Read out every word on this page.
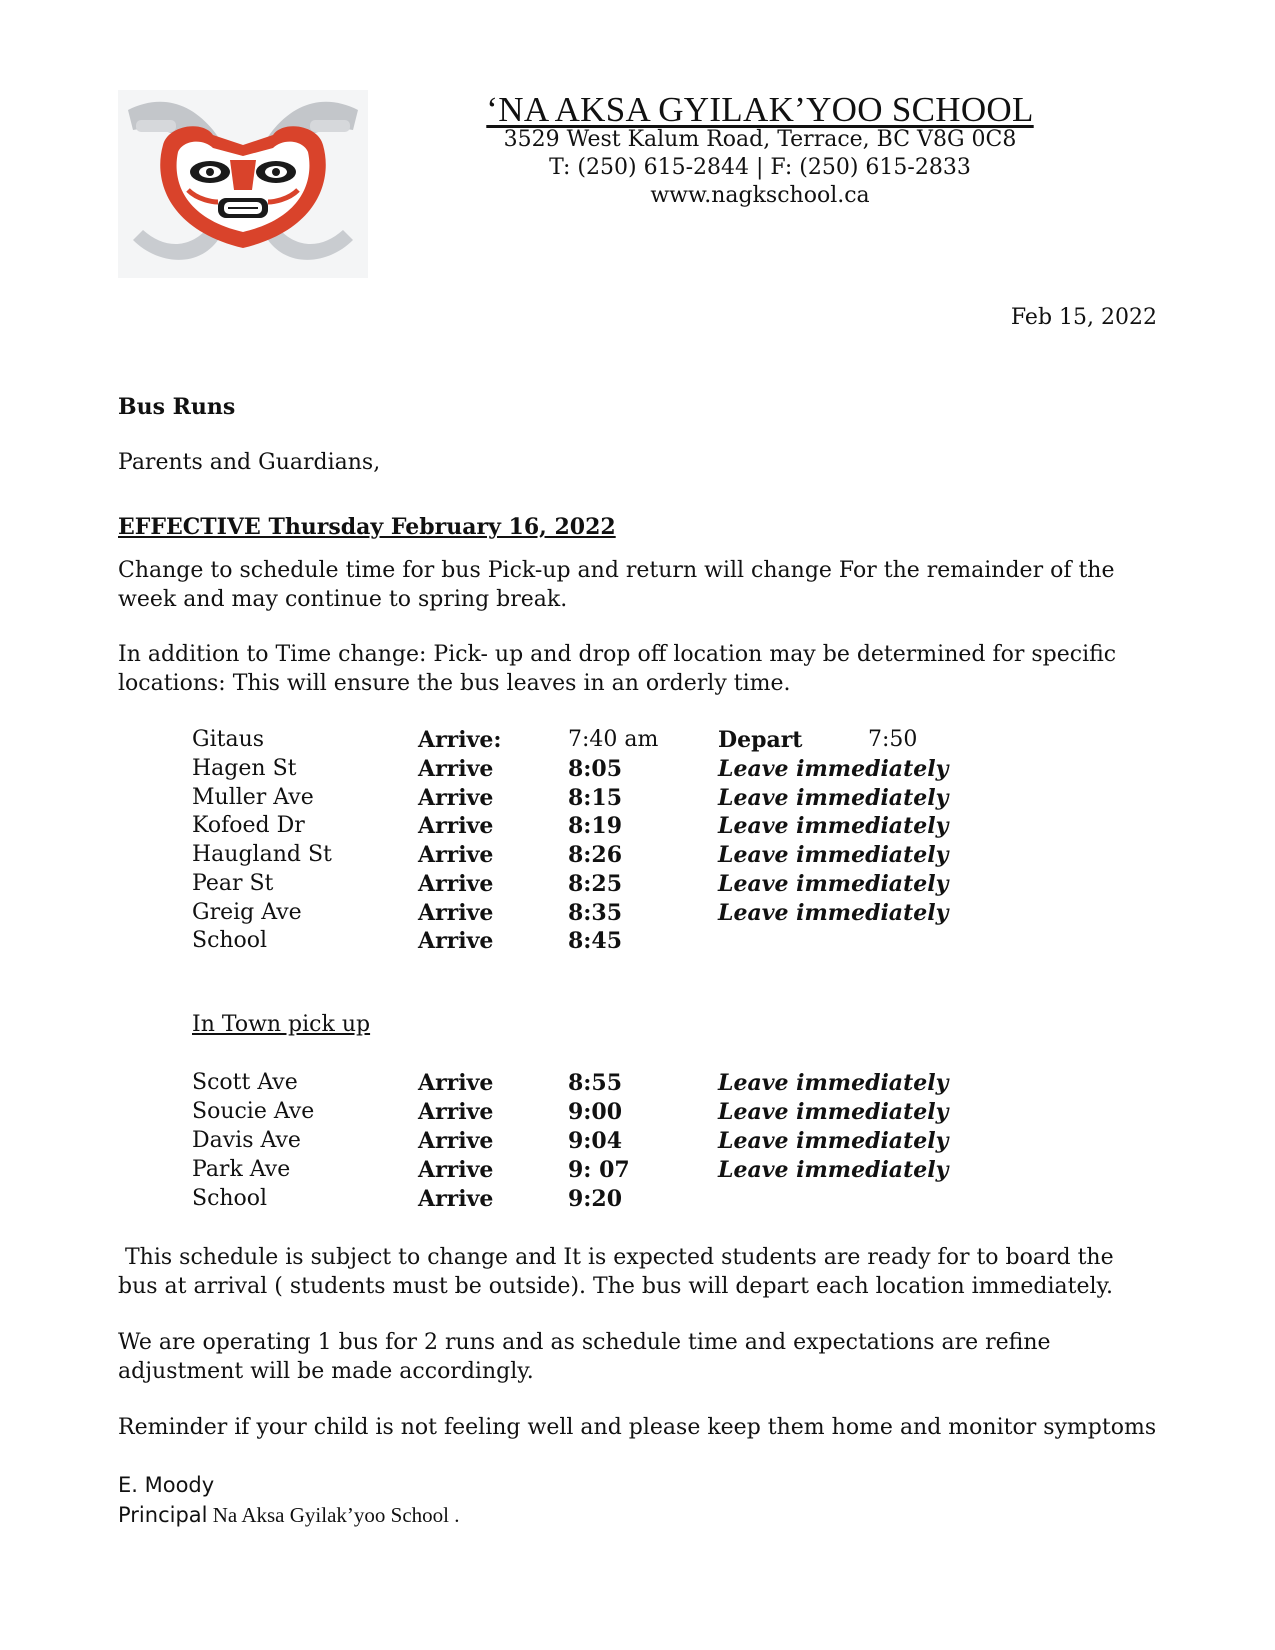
‘NA AKSA GYILAK’YOO SCHOOL
3529 West Kalum Road, Terrace, BC V8G 0C8
T: (250) 615-2844 | F: (250) 615-2833
www.nagkschool.ca
Feb 15, 2022
Bus Runs
Parents and Guardians,
EFFECTIVE Thursday February 16, 2022
Change to schedule time for bus Pick-up and return will change For the remainder of the week and may continue to spring break.
In addition to Time change: Pick- up and drop off location may be determined for specific locations: This will ensure the bus leaves in an orderly time.
Gitaus	Arrive:	7:40 am	Depart	7:50
Hagen St	Arrive	8:05	Leave immediately
Muller Ave	Arrive	8:15	Leave immediately
Kofoed Dr	Arrive	8:19	Leave immediately
Haugland St	Arrive	8:26	Leave immediately
Pear St	Arrive	8:25	Leave immediately
Greig Ave	Arrive	8:35	Leave immediately
School	Arrive	8:45
In Town pick up
Scott Ave	Arrive	8:55	Leave immediately
Soucie Ave	Arrive	9:00	Leave immediately
Davis Ave	Arrive	9:04	Leave immediately
Park Ave	Arrive	9: 07	Leave immediately
School	Arrive	9:20
This schedule is subject to change and It is expected students are ready for to board the bus at arrival ( students must be outside). The bus will depart each location immediately.
We are operating 1 bus for 2 runs and as schedule time and expectations are refine adjustment will be made accordingly.
Reminder if your child is not feeling well and please keep them home and monitor symptoms
E. Moody
Principal Na Aksa Gyilak’yoo School .
